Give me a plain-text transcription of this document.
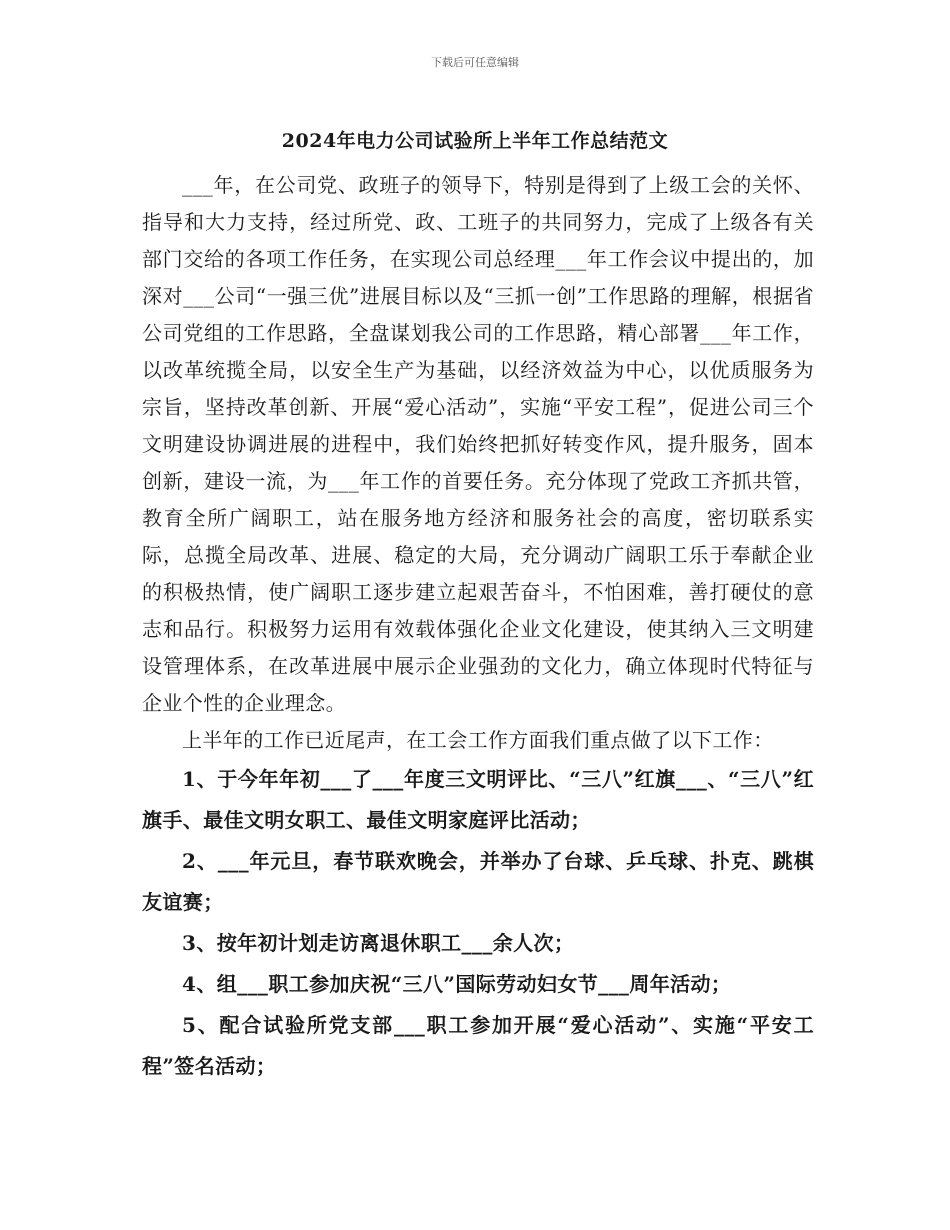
下载后可任意编辑
2024年电力公司试验所上半年工作总结范文

___年，在公司党、政班子的领导下，特别是得到了上级工会的关怀、指导和大力支持，经过所党、政、工班子的共同努力，完成了上级各有关部门交给的各项工作任务，在实现公司总经理___年工作会议中提出的，加深对___公司“一强三优”进展目标以及“三抓一创”工作思路的理解，根据省公司党组的工作思路，全盘谋划我公司的工作思路，精心部署___年工作，以改革统揽全局，以安全生产为基础，以经济效益为中心，以优质服务为宗旨，坚持改革创新、开展“爱心活动”，实施“平安工程”，促进公司三个文明建设协调进展的进程中，我们始终把抓好转变作风，提升服务，固本创新，建设一流，为___年工作的首要任务。充分体现了党政工齐抓共管，教育全所广阔职工，站在服务地方经济和服务社会的高度，密切联系实际，总揽全局改革、进展、稳定的大局，充分调动广阔职工乐于奉献企业的积极热情，使广阔职工逐步建立起艰苦奋斗，不怕困难，善打硬仗的意志和品行。积极努力运用有效载体强化企业文化建设，使其纳入三文明建设管理体系，在改革进展中展示企业强劲的文化力，确立体现时代特征与企业个性的企业理念。

上半年的工作已近尾声，在工会工作方面我们重点做了以下工作：

1、于今年年初___了___年度三文明评比、“三八”红旗___、“三八”红旗手、最佳文明女职工、最佳文明家庭评比活动；

2、___年元旦，春节联欢晚会，并举办了台球、乒乓球、扑克、跳棋友谊赛；

3、按年初计划走访离退休职工___余人次；

4、组___职工参加庆祝“三八”国际劳动妇女节___周年活动；

5、配合试验所党支部___职工参加开展“爱心活动”、实施“平安工程”签名活动；
